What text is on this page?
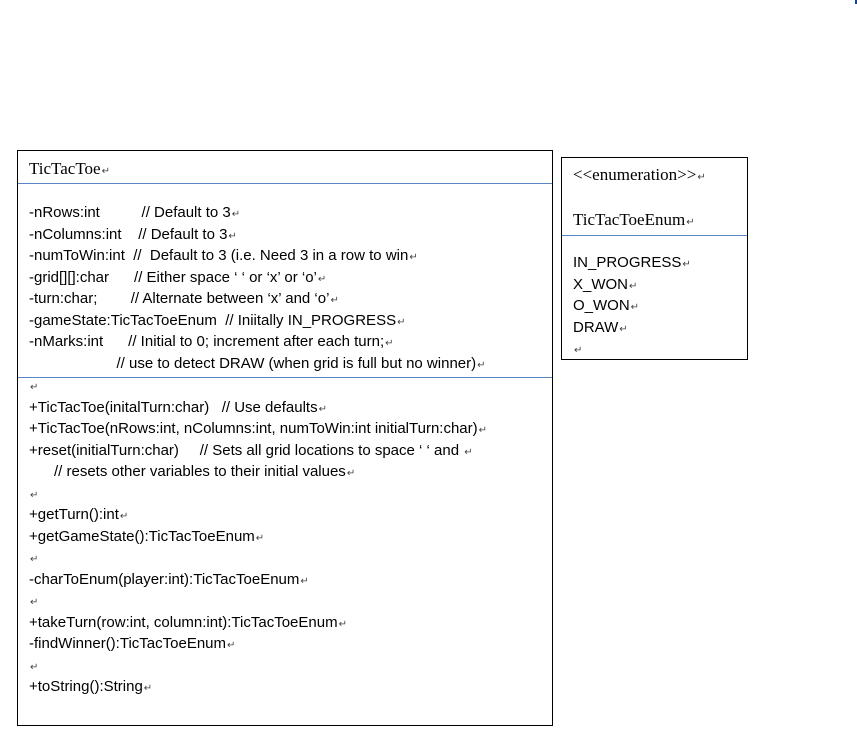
TicTacToe↵
-nRows:int          // Default to 3↵
-nColumns:int    // Default to 3↵
-numToWin:int  //  Default to 3 (i.e. Need 3 in a row to win↵
-grid[][]:char      // Either space ‘ ‘ or ‘x’ or ‘o’↵
-turn:char;        // Alternate between ‘x’ and ‘o’↵
-gameState:TicTacToeEnum  // Iniitally IN_PROGRESS↵
-nMarks:int      // Initial to 0; increment after each turn;↵
// use to detect DRAW (when grid is full but no winner)↵
↵
+TicTacToe(initalTurn:char)   // Use defaults↵
+TicTacToe(nRows:int, nColumns:int, numToWin:int initialTurn:char)↵
+reset(initialTurn:char)     // Sets all grid locations to space ‘ ‘ and ↵
// resets other variables to their initial values↵
↵
+getTurn():int↵
+getGameState():TicTacToeEnum↵
↵
-charToEnum(player:int):TicTacToeEnum↵
↵
+takeTurn(row:int, column:int):TicTacToeEnum↵
-findWinner():TicTacToeEnum↵
↵
+toString():String↵
<<enumeration>>↵
TicTacToeEnum↵
IN_PROGRESS↵
X_WON↵
O_WON↵
DRAW↵
↵
